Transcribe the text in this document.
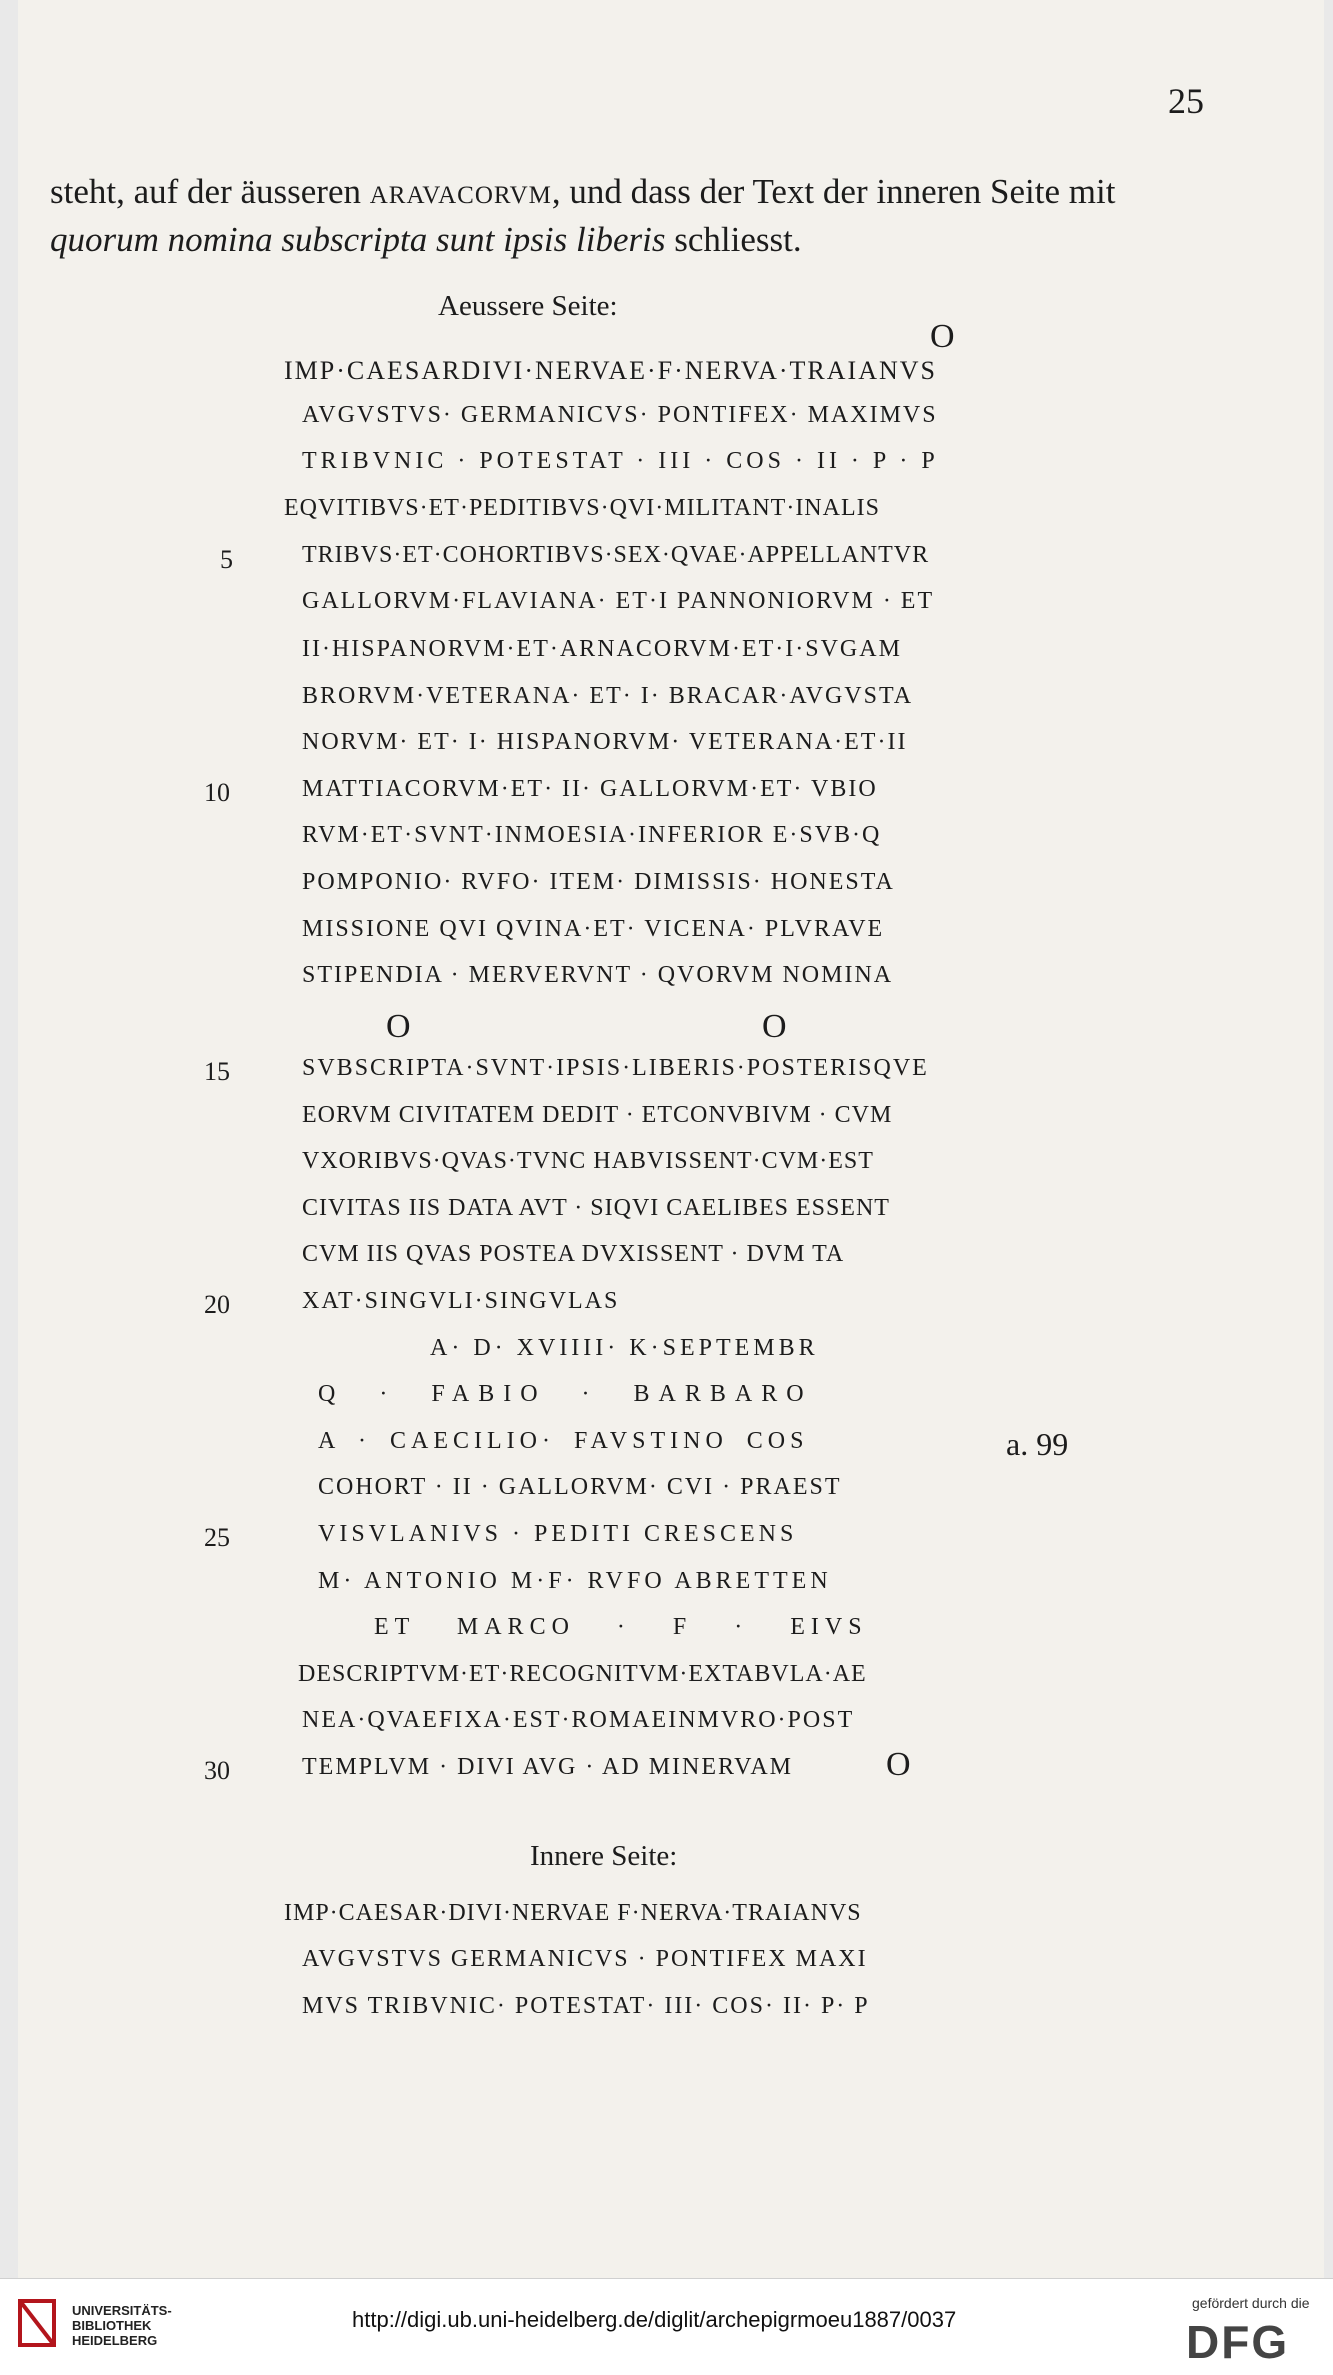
25
steht, auf der äusseren aravacorvm, und dass der Text der inneren Seite mit quorum nomina subscripta sunt ipsis liberis schliesst.
Aeussere Seite:
IMP·CAESARDIVI·NERVAE·F·NERVA·TRAIANVS
AVGVSTVS· GERMANICVS· PONTIFEX· MAXIMVS
TRIBVNIC · POTESTAT · III · COS · II · P · P
EQVITIBVS·ET·PEDITIBVS·QVI·MILITANT·INALIS
TRIBVS·ET·COHORTIBVS·SEX·QVAE·APPELLANTVR
GALLORVM·FLAVIANA· ET·I PANNONIORVM · ET
II·HISPANORVM·ET·ARNACORVM·ET·I·SVGAM
BRORVM·VETERANA· ET· I· BRACAR·AVGVSTA
NORVM· ET· I· HISPANORVM· VETERANA·ET·II
MATTIACORVM·ET· II· GALLORVM·ET· VBIO
RVM·ET·SVNT·INMOESIA·INFERIOR E·SVB·Q
POMPONIO· RVFO· ITEM· DIMISSIS· HONESTA
MISSIONE QVI QVINA·ET· VICENA· PLVRAVE
STIPENDIA · MERVERVNT · QVORVM NOMINA
SVBSCRIPTA·SVNT·IPSIS·LIBERIS·POSTERISQVE
EORVM CIVITATEM DEDIT · ETCONVBIVM · CVM
VXORIBVS·QVAS·TVNC HABVISSENT·CVM·EST
CIVITAS IIS DATA AVT · SIQVI CAELIBES ESSENT
CVM IIS QVAS POSTEA DVXISSENT · DVM TA
XAT·SINGVLI·SINGVLAS
A· D· XVIIII· K·SEPTEMBR
Q · FABIO · BARBARO
A · CAECILIO· FAVSTINO COS
COHORT · II · GALLORVM· CVI · PRAEST
VISVLANIVS · PEDITI CRESCENS
M· ANTONIO M·F· RVFO ABRETTEN
ET MARCO · F · EIVS
DESCRIPTVM·ET·RECOGNITVM·EXTABVLA·AE
NEA·QVAEFIXA·EST·ROMAEINMVRO·POST
TEMPLVM · DIVI AVG · AD MINERVAM
5
10
15
20
25
30
O
O	O
O
a. 99
Innere Seite:
IMP·CAESAR·DIVI·NERVAE F·NERVA·TRAIANVS
AVGVSTVS GERMANICVS · PONTIFEX MAXI
MVS TRIBVNIC· POTESTAT· III· COS· II· P· P
UNIVERSITÄTS-
BIBLIOTHEK
HEIDELBERG
http://digi.ub.uni-heidelberg.de/diglit/archepigrmoeu1887/0037
gefördert durch die
DFG
